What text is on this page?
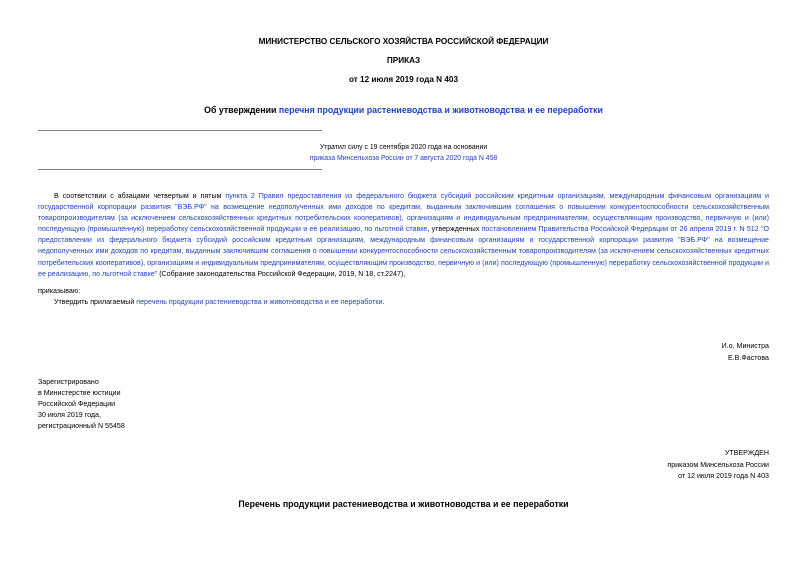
МИНИСТЕРСТВО СЕЛЬСКОГО ХОЗЯЙСТВА РОССИЙСКОЙ ФЕДЕРАЦИИ
ПРИКАЗ
от 12 июля 2019 года N 403
Об утверждении перечня продукции растениеводства и животноводства и ее переработки
Утратил силу с 19 сентября 2020 года на основании
приказа Минсельхоза России от 7 августа 2020 года N 458
В соответствии с абзацами четвертым и пятым пункта 2 Правил предоставления из федерального бюджета субсидий российским кредитным организациям, международным финансовым организациям и государственной корпорации развития "ВЭБ.РФ" на возмещение недополученных ими доходов по кредитам, выданным заключившим соглашения о повышении конкурентоспособности сельскохозяйственным товаропроизводителям (за исключением сельскохозяйственных кредитных потребительских кооперативов), организациям и индивидуальным предпринимателям, осуществляющим производство, первичную и (или) последующую (промышленную) переработку сельскохозяйственной продукции и ее реализацию, по льготной ставке, утвержденных постановлением Правительства Российской Федерации от 26 апреля 2019 г. N 512 "О предоставлении из федерального бюджета субсидий российским кредитным организациям, международным финансовым организациям и государственной корпорации развития "ВЭБ.РФ" на возмещение недополученных ими доходов по кредитам, выданным заключившим соглашения о повышении конкурентоспособности сельскохозяйственным товаропроизводителям (за исключением сельскохозяйственных кредитных потребительских кооперативов), организациям и индивидуальным предпринимателям, осуществляющим производство, первичную и (или) последующую (промышленную) переработку сельскохозяйственной продукции и ее реализацию, по льготной ставке" (Собрание законодательства Российской Федерации, 2019, N 18, ст.2247),
приказываю:
Утвердить прилагаемый перечень продукции растениеводства и животноводства и ее переработки.
И.о. Министра
Е.В.Фастова
Зарегистрировано
в Министерстве юстиции
Российской Федерации
30 июля 2019 года,
регистрационный N 55458
УТВЕРЖДЕН
приказом Минсельхоза России
от 12 июля 2019 года N 403
Перечень продукции растениеводства и животноводства и ее переработки
